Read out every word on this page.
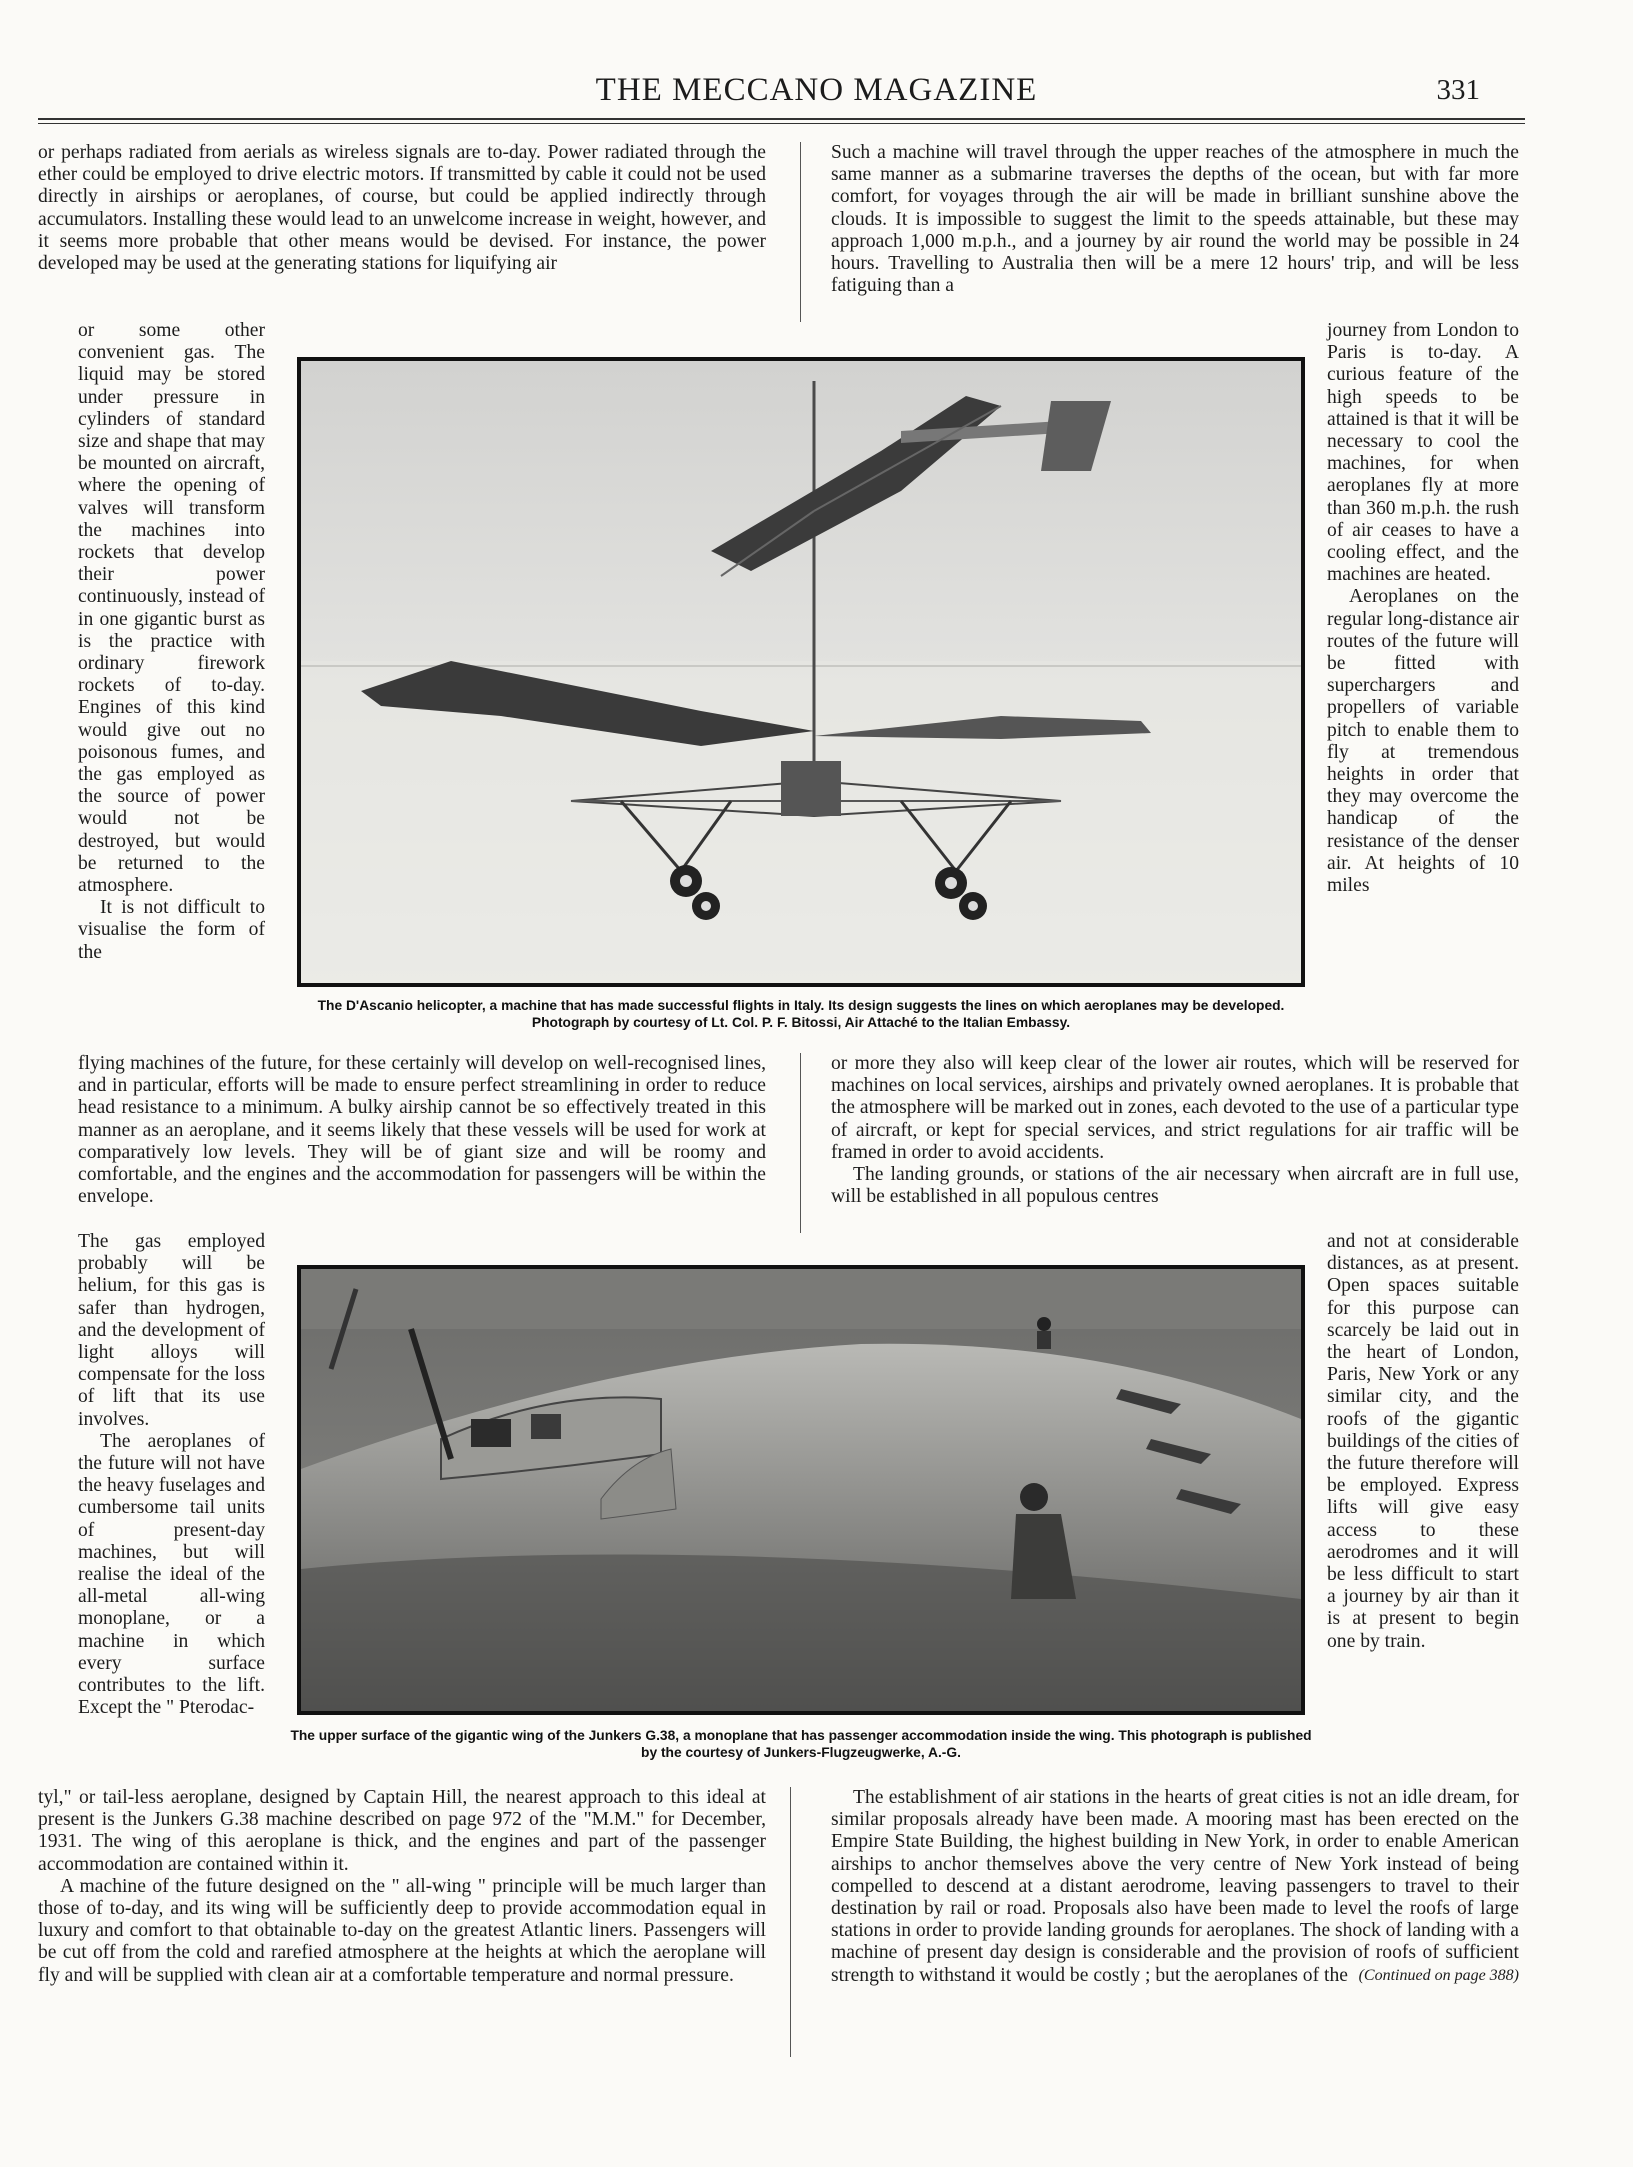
THE MECCANO MAGAZINE	331

or perhaps radiated from aerials as wireless signals are to-day. Power radiated through the ether could be employed to drive electric motors. If transmitted by cable it could not be used directly in airships or aeroplanes, of course, but could be applied indirectly through accumulators. Installing these would lead to an unwelcome increase in weight, however, and it seems more probable that other means would be devised. For instance, the power developed may be used at the generating stations for liquifying air

Such a machine will travel through the upper reaches of the atmosphere in much the same manner as a submarine traverses the depths of the ocean, but with far more comfort, for voyages through the air will be made in brilliant sunshine above the clouds. It is impossible to suggest the limit to the speeds attainable, but these may approach 1,000 m.p.h., and a journey by air round the world may be possible in 24 hours. Travelling to Australia then will be a mere 12 hours' trip, and will be less fatiguing than a

or some other convenient gas. The liquid may be stored under pressure in cylinders of standard size and shape that may be mounted on aircraft, where the opening of valves will transform the machines into rockets that develop their power continuously, instead of in one gigantic burst as is the practice with ordinary firework rockets of to-day. Engines of this kind would give out no poisonous fumes, and the gas employed as the source of power would not be destroyed, but would be returned to the atmosphere.

It is not difficult to visualise the form of the

journey from London to Paris is to-day. A curious feature of the high speeds to be attained is that it will be necessary to cool the machines, for when aeroplanes fly at more than 360 m.p.h. the rush of air ceases to have a cooling effect, and the machines are heated.

Aeroplanes on the regular long-distance air routes of the future will be fitted with superchargers and propellers of variable pitch to enable them to fly at tremendous heights in order that they may overcome the handicap of the resistance of the denser air. At heights of 10 miles

The D'Ascanio helicopter, a machine that has made successful flights in Italy. Its design suggests the lines on which aeroplanes may be developed. Photograph by courtesy of Lt. Col. P. F. Bitossi, Air Attaché to the Italian Embassy.

flying machines of the future, for these certainly will develop on well-recognised lines, and in particular, efforts will be made to ensure perfect streamlining in order to reduce head resistance to a minimum. A bulky airship cannot be so effectively treated in this manner as an aeroplane, and it seems likely that these vessels will be used for work at comparatively low levels. They will be of giant size and will be roomy and comfortable, and the engines and the accommodation for passengers will be within the envelope.

or more they also will keep clear of the lower air routes, which will be reserved for machines on local services, airships and privately owned aeroplanes. It is probable that the atmosphere will be marked out in zones, each devoted to the use of a particular type of aircraft, or kept for special services, and strict regulations for air traffic will be framed in order to avoid accidents.

The landing grounds, or stations of the air necessary when aircraft are in full use, will be established in all populous centres

The gas employed probably will be helium, for this gas is safer than hydrogen, and the development of light alloys will compensate for the loss of lift that its use involves.

The aeroplanes of the future will not have the heavy fuselages and cumbersome tail units of present-day machines, but will realise the ideal of the all-metal all-wing monoplane, or a machine in which every surface contributes to the lift. Except the " Pterodac-

and not at considerable distances, as at present. Open spaces suitable for this purpose can scarcely be laid out in the heart of London, Paris, New York or any similar city, and the roofs of the gigantic buildings of the cities of the future therefore will be employed. Express lifts will give easy access to these aerodromes and it will be less difficult to start a journey by air than it is at present to begin one by train.

The upper surface of the gigantic wing of the Junkers G.38, a monoplane that has passenger accommodation inside the wing. This photograph is published by the courtesy of Junkers-Flugzeugwerke, A.-G.

tyl," or tail-less aeroplane, designed by Captain Hill, the nearest approach to this ideal at present is the Junkers G.38 machine described on page 972 of the "M.M." for December, 1931. The wing of this aeroplane is thick, and the engines and part of the passenger accommodation are contained within it.

A machine of the future designed on the " all-wing " principle will be much larger than those of to-day, and its wing will be sufficiently deep to provide accommodation equal in luxury and comfort to that obtainable to-day on the greatest Atlantic liners. Passengers will be cut off from the cold and rarefied atmosphere at the heights at which the aeroplane will fly and will be supplied with clean air at a comfortable temperature and normal pressure.

The establishment of air stations in the hearts of great cities is not an idle dream, for similar proposals already have been made. A mooring mast has been erected on the Empire State Building, the highest building in New York, in order to enable American airships to anchor themselves above the very centre of New York instead of being compelled to descend at a distant aerodrome, leaving passengers to travel to their destination by rail or road. Proposals also have been made to level the roofs of large stations in order to provide landing grounds for aeroplanes. The shock of landing with a machine of present day design is considerable and the provision of roofs of sufficient strength to withstand it would be costly ; but the aeroplanes of the (Continued on page 388)
